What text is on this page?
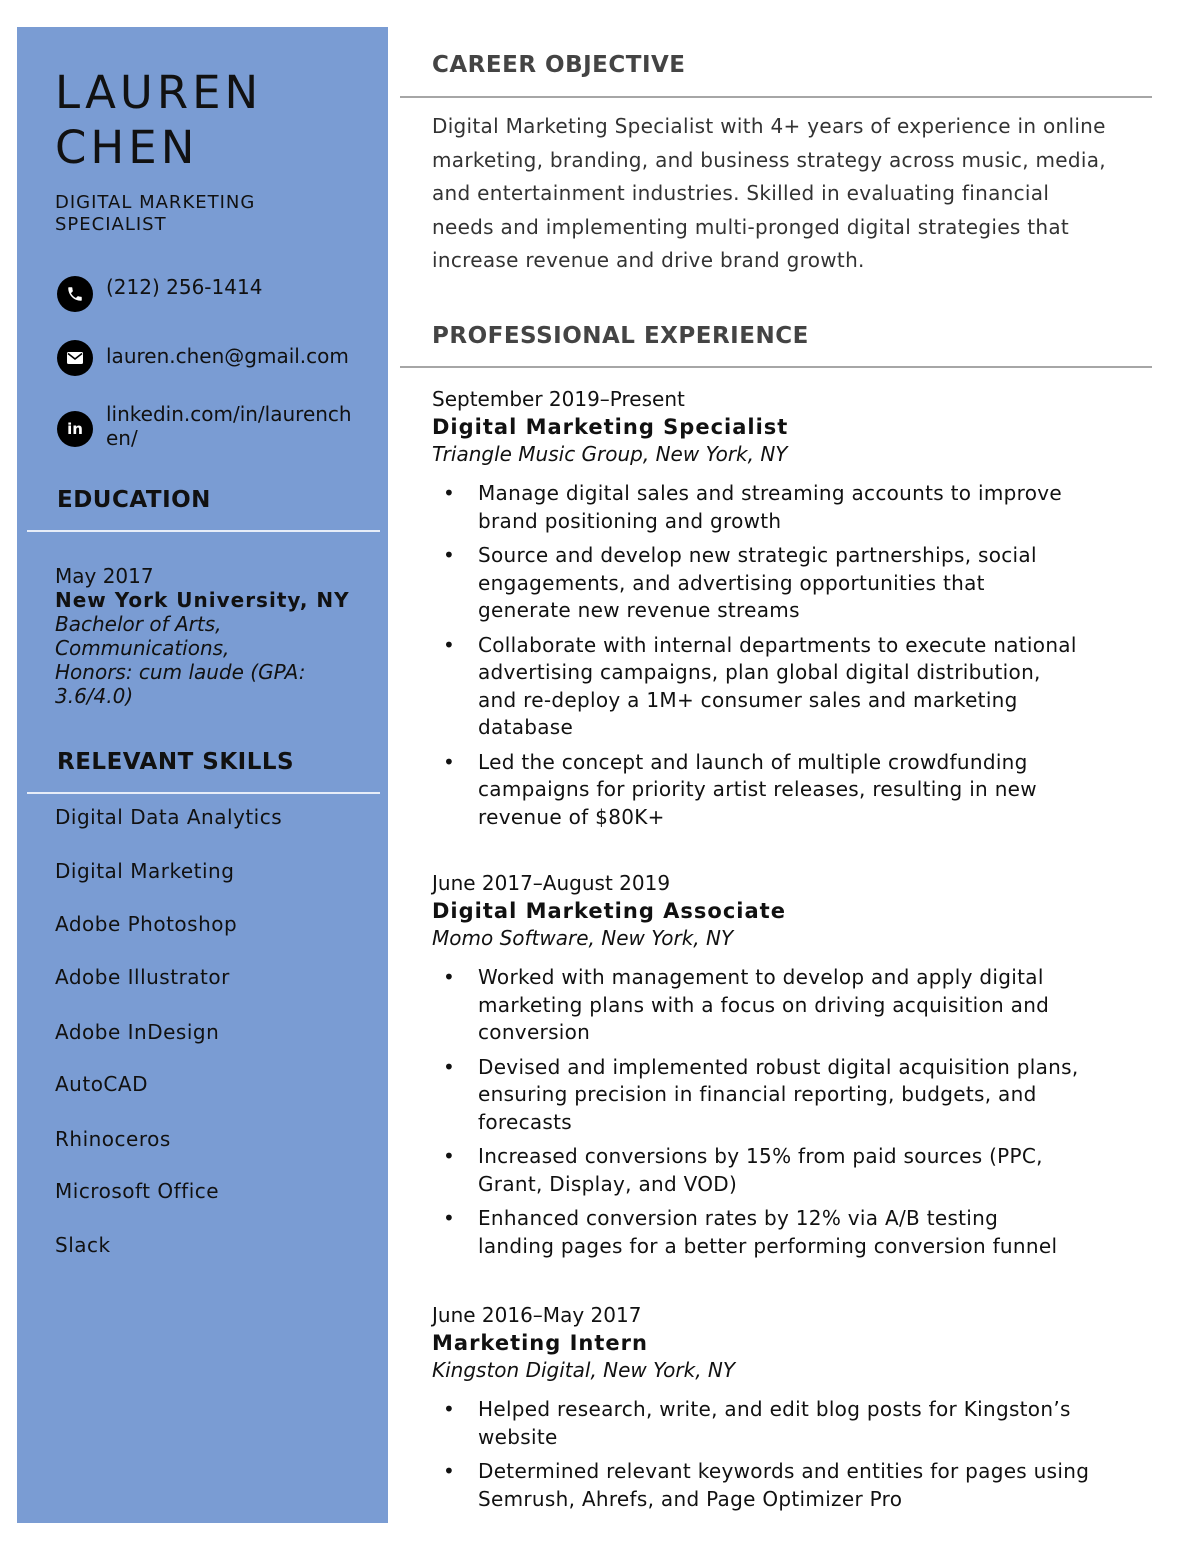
LAUREN
CHEN
DIGITAL MARKETING
SPECIALIST
(212) 256-1414
lauren.chen@gmail.com
in
linkedin.com/in/laurench
en/
EDUCATION
May 2017
New York University, NY
Bachelor of Arts,
Communications,
Honors: cum laude (GPA:
3.6/4.0)
RELEVANT SKILLS
Digital Data Analytics
Digital Marketing
Adobe Photoshop
Adobe Illustrator
Adobe InDesign
AutoCAD
Rhinoceros
Microsoft Office
Slack
CAREER OBJECTIVE

Digital Marketing Specialist with 4+ years of experience in online
marketing, branding, and business strategy across music, media,
and entertainment industries. Skilled in evaluating financial
needs and implementing multi-pronged digital strategies that
increase revenue and drive brand growth.

PROFESSIONAL EXPERIENCE
September 2019–Present
Digital Marketing Specialist
Triangle Music Group, New York, NY
• Manage digital sales and streaming accounts to improve
brand positioning and growth
• Source and develop new strategic partnerships, social
engagements, and advertising opportunities that
generate new revenue streams
• Collaborate with internal departments to execute national
advertising campaigns, plan global digital distribution,
and re-deploy a 1M+ consumer sales and marketing
database
• Led the concept and launch of multiple crowdfunding
campaigns for priority artist releases, resulting in new
revenue of $80K+
June 2017–August 2019
Digital Marketing Associate
Momo Software, New York, NY
• Worked with management to develop and apply digital
marketing plans with a focus on driving acquisition and
conversion
• Devised and implemented robust digital acquisition plans,
ensuring precision in financial reporting, budgets, and
forecasts
• Increased conversions by 15% from paid sources (PPC,
Grant, Display, and VOD)
• Enhanced conversion rates by 12% via A/B testing
landing pages for a better performing conversion funnel
June 2016–May 2017
Marketing Intern
Kingston Digital, New York, NY
• Helped research, write, and edit blog posts for Kingston’s
website
• Determined relevant keywords and entities for pages using
Semrush, Ahrefs, and Page Optimizer Pro
